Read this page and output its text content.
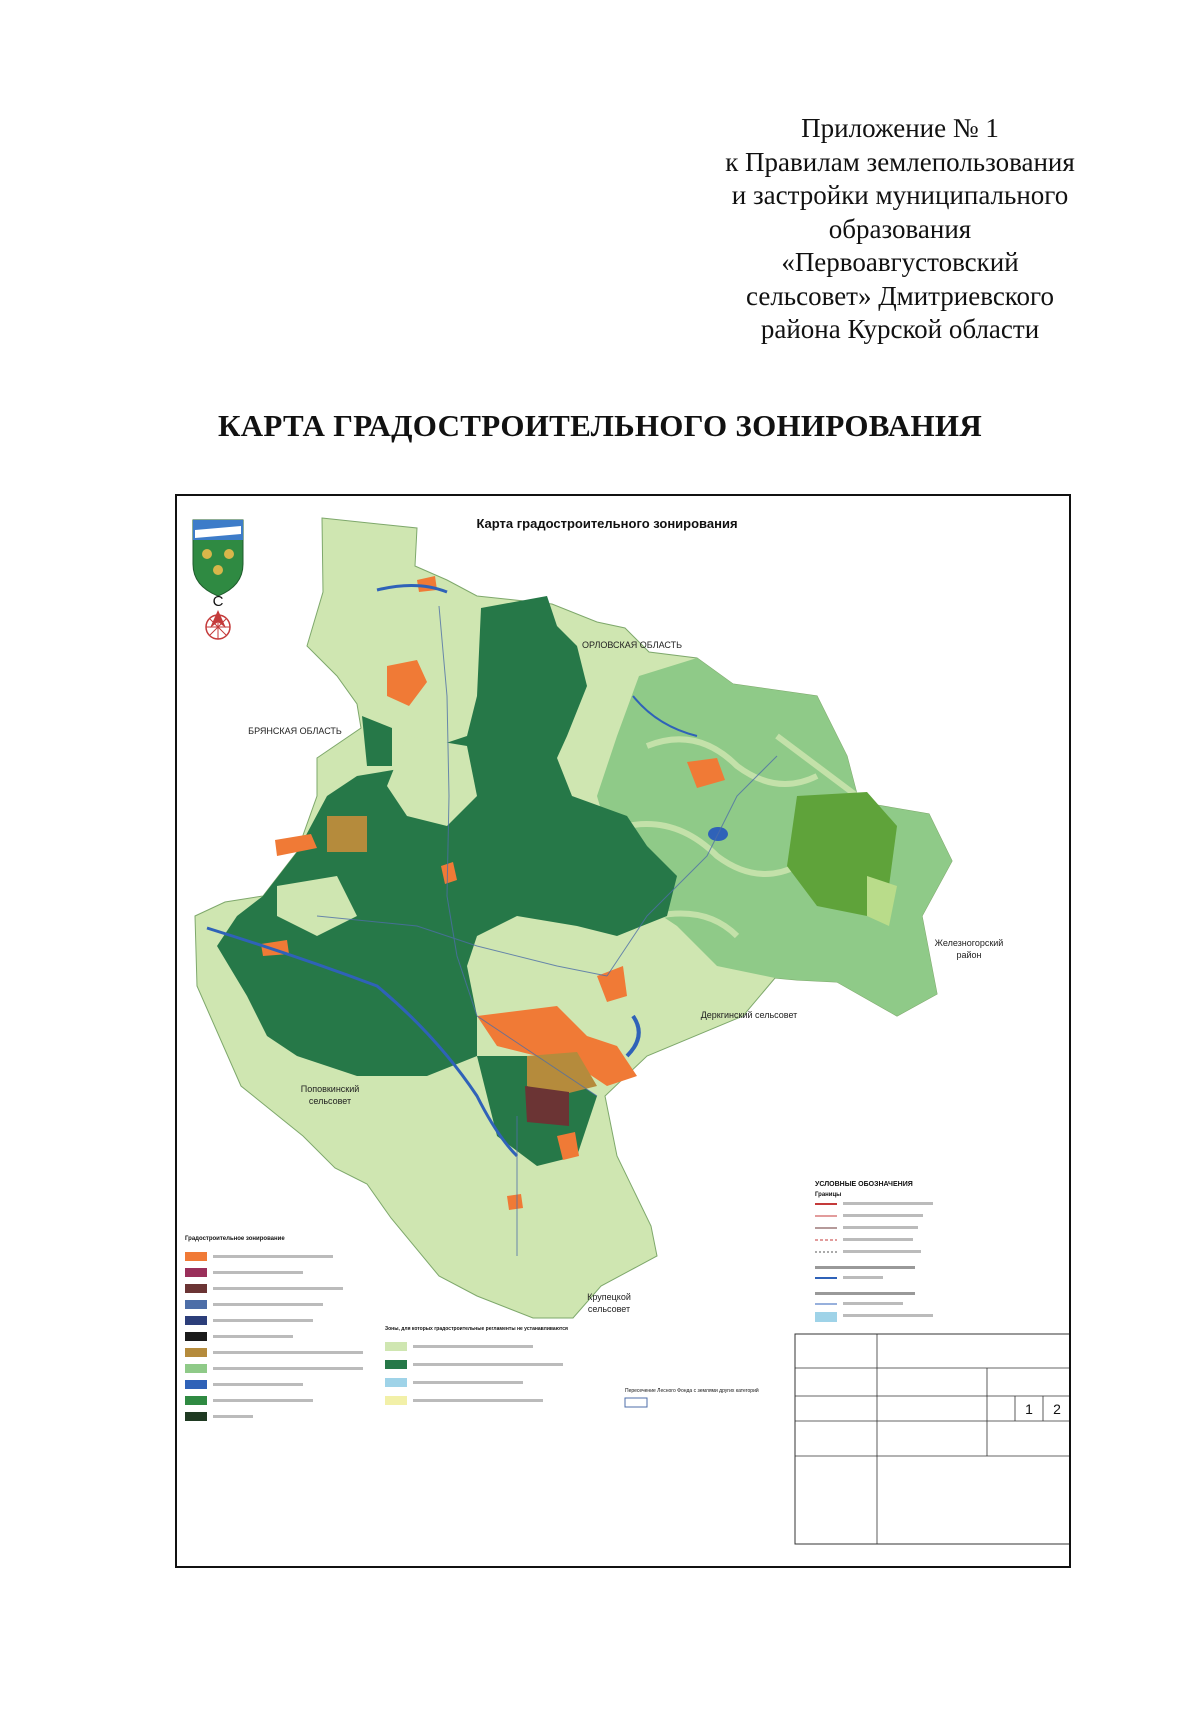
Приложение № 1
к Правилам землепользования
и застройки муниципального
образования
«Первоавгустовский
сельсовет» Дмитриевского
района Курской области
КАРТА ГРАДОСТРОИТЕЛЬНОГО ЗОНИРОВАНИЯ
Карта градостроительного зонирования
С
ОРЛОВСКАЯ ОБЛАСТЬ
БРЯНСКАЯ ОБЛАСТЬ
Железногорский
район
Деркгинский сельсовет
Поповкинский
сельсовет
Крупецкой
сельсовет
УСЛОВНЫЕ ОБОЗНАЧЕНИЯ
Границы
Градостроительное зонирование
Зоны, для которых градостроительные регламенты не устанавливаются
Пересечение Лесного Фонда с землями других категорий
1 2
